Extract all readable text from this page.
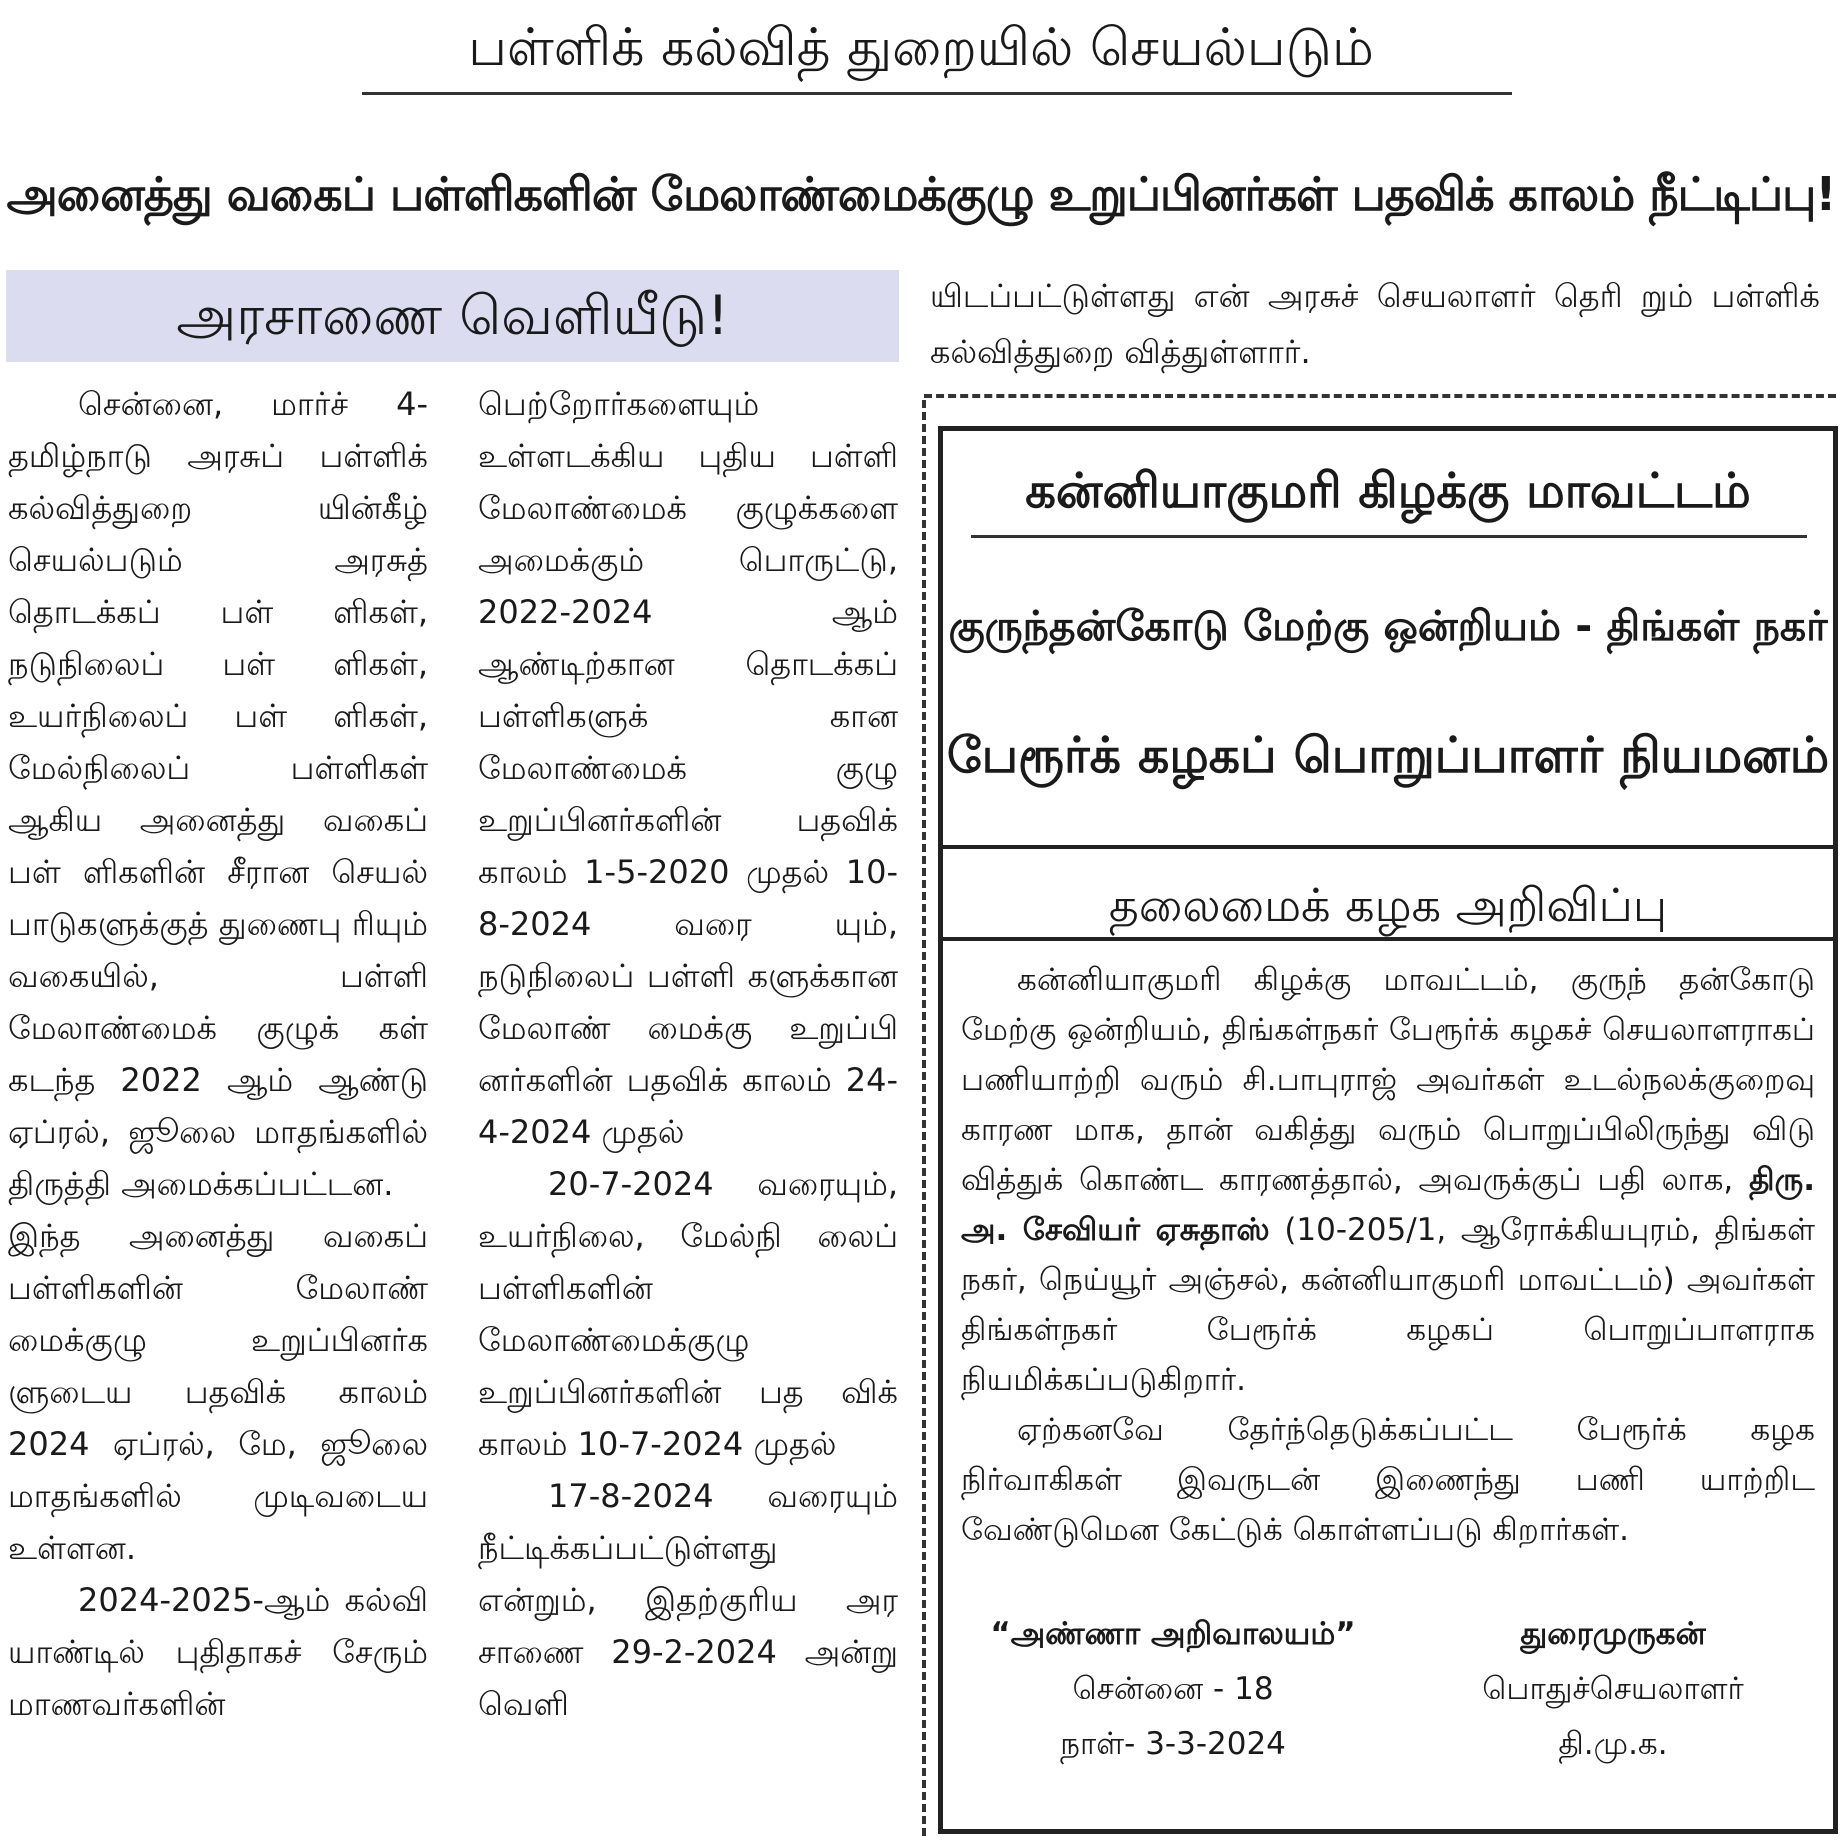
பள்ளிக் கல்வித் துறையில் செயல்படும்
அனைத்து வகைப் பள்ளிகளின் மேலாண்மைக்குழு உறுப்பினர்கள் பதவிக் காலம் நீட்டிப்பு!
அரசாணை வெளியீடு!

சென்னை, மார்ச் 4- தமிழ்நாடு அரசுப் பள்ளிக் கல்வித்துறை யின்கீழ் செயல்படும் அரசுத் தொடக்கப் பள் ளிகள், நடுநிலைப் பள் ளிகள், உயர்நிலைப் பள் ளிகள், மேல்நிலைப் பள்ளிகள் ஆகிய அனைத்து வகைப் பள் ளிகளின் சீரான செயல் பாடுகளுக்குத் துணைபு ரியும் வகையில், பள்ளி மேலாண்மைக் குழுக் கள் கடந்த 2022 ஆம் ஆண்டு ஏப்ரல், ஜூலை மாதங்களில் திருத்தி அமைக்கப்பட்டன.

இந்த அனைத்து வகைப் பள்ளிகளின் மேலாண் மைக்குழு உறுப்பினர்க ளுடைய பதவிக் காலம் 2024 ஏப்ரல், மே, ஜூலை மாதங்களில் முடிவடைய உள்ளன.

2024-2025-ஆம் கல்வி யாண்டில் புதிதாகச் சேரும் மாணவர்களின்

பெற்றோர்களையும் உள்ளடக்கிய புதிய பள்ளி மேலாண்மைக் குழுக்களை அமைக்கும் பொருட்டு, 2022-2024 ஆம் ஆண்டிற்கான தொடக்கப் பள்ளிகளுக் கான மேலாண்மைக் குழு உறுப்பினர்களின் பதவிக் காலம் 1-5-2020 முதல் 10-8-2024 வரை யும், நடுநிலைப் பள்ளி களுக்கான மேலாண் மைக்கு உறுப்பி னர்களின் பதவிக் காலம் 24-4-2024 முதல்

20-7-2024 வரையும், உயர்நிலை, மேல்நி லைப் பள்ளிகளின் மேலாண்மைக்குழு உறுப்பினர்களின் பத விக் காலம் 10-7-2024 முதல்

17-8-2024 வரையும் நீட்டிக்கப்பட்டுள்ளது என்றும், இதற்குரிய அர சாணை 29-2-2024 அன்று வெளி

யிடப்பட்டுள்ளது என் அரசுச் செயலாளர் தெரி றும் பள்ளிக் கல்வித்துறை வித்துள்ளார்.
கன்னியாகுமரி கிழக்கு மாவட்டம்
குருந்தன்கோடு மேற்கு ஒன்றியம் - திங்கள் நகர்
பேரூர்க் கழகப் பொறுப்பாளர் நியமனம்
தலைமைக் கழக அறிவிப்பு

கன்னியாகுமரி கிழக்கு மாவட்டம், குருந் தன்கோடு மேற்கு ஒன்றியம், திங்கள்நகர் பேரூர்க் கழகச் செயலாளராகப் பணியாற்றி வரும் சி.பாபுராஜ் அவர்கள் உடல்நலக்குறைவு காரண மாக, தான் வகித்து வரும் பொறுப்பிலிருந்து விடு வித்துக் கொண்ட காரணத்தால், அவருக்குப் பதி லாக, திரு. அ. சேவியர் ஏசுதாஸ் (10-205/1, ஆரோக்கியபுரம், திங்கள் நகர், நெய்யூர் அஞ்சல், கன்னியாகுமரி மாவட்டம்) அவர்கள் திங்கள்நகர் பேரூர்க் கழகப் பொறுப்பாளராக நியமிக்கப்படுகிறார்.

ஏற்கனவே தேர்ந்தெடுக்கப்பட்ட பேரூர்க் கழக நிர்வாகிகள் இவருடன் இணைந்து பணி யாற்றிட வேண்டுமென கேட்டுக் கொள்ளப்படு கிறார்கள்.

“அண்ணா அறிவாலயம்”
சென்னை - 18
நாள்- 3-3-2024
துரைமுருகன்
பொதுச்செயலாளர்
தி.மு.க.
